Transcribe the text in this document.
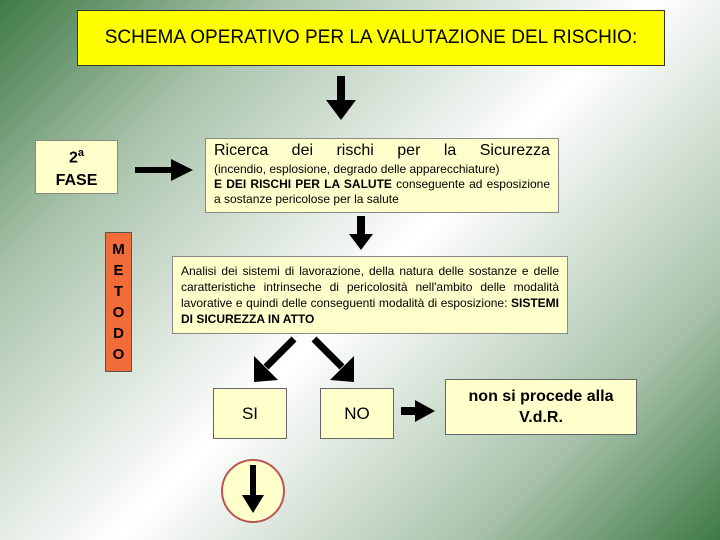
SCHEMA OPERATIVO PER LA VALUTAZIONE DEL RISCHIO:
2$^a$
FASE
Ricerca dei rischi per la Sicurezza
(incendio, esplosione, degrado delle apparecchiature)
E DEI RISCHI PER LA SALUTE conseguente ad esposizione a sostanze pericolose per la salute
M
E
T
O
D
O
Analisi dei sistemi di lavorazione, della natura delle sostanze e delle caratteristiche intrinseche di pericolosità nell'ambito delle modalità lavorative e quindi delle conseguenti modalità di esposizione: SISTEMI DI SICUREZZA IN ATTO
SI	NO
non si procede alla
V.d.R.
